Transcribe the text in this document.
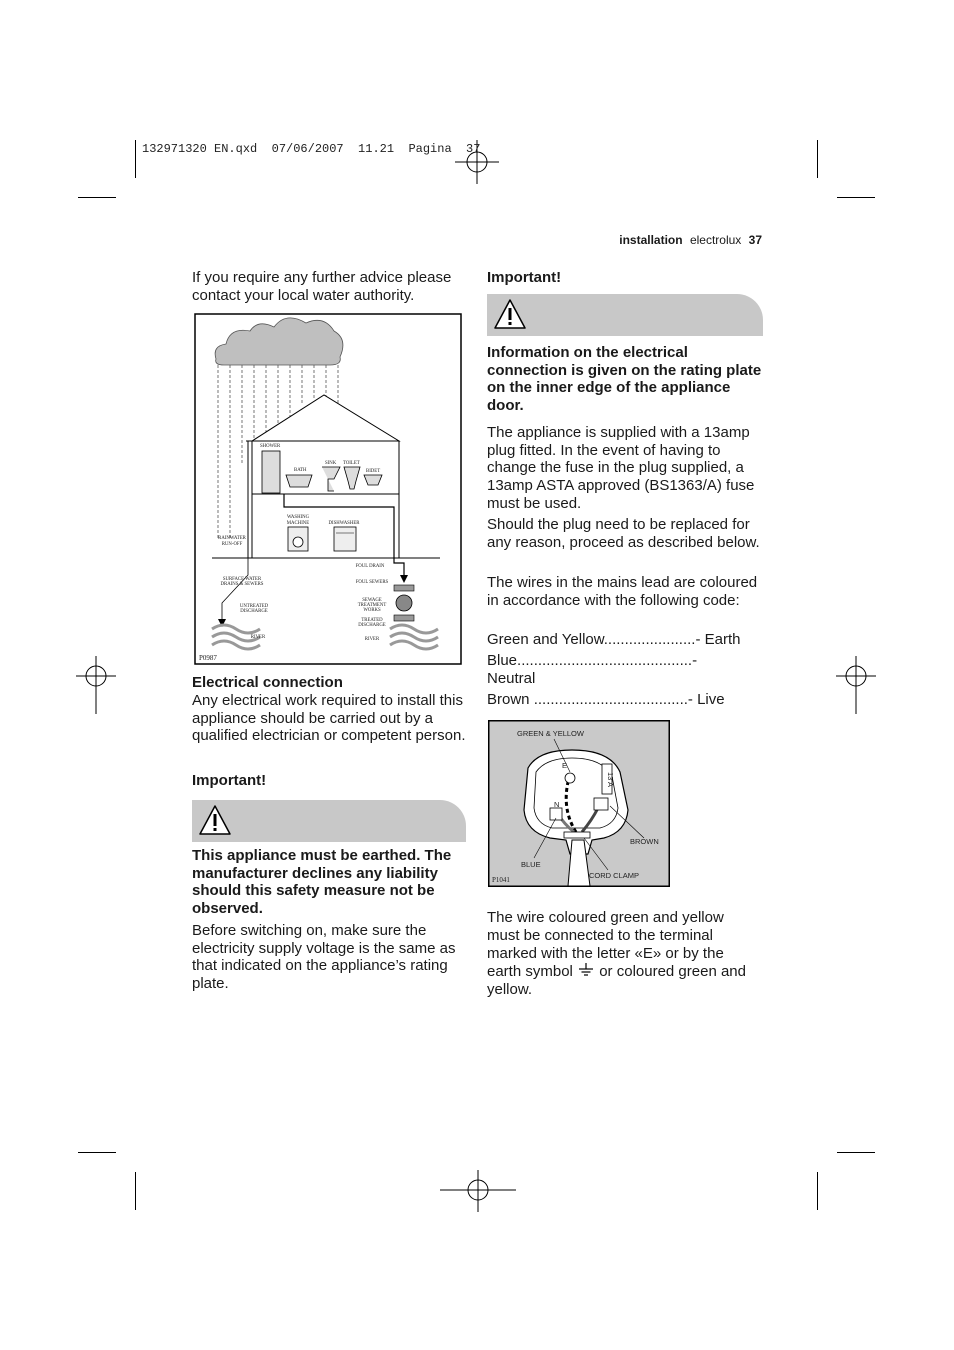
132971320 EN.qxd  07/06/2007  11.21  Pagina  37
installation electrolux 37

If you require any further advice please contact your local water authority.

SHOWER
BATH
SINK TOILET
BIDET
WASHING
MACHINE	DISHWASHER
RAINWATER
RUN-OFF
FOUL DRAIN
SURFACE WATER
DRAINS & SEWERS	FOUL SEWERS
SEWAGE
TREATMENT
WORKS
UNTREATED
DISCHARGE
TREATED
DISCHARGE
RIVER	RIVER
P0987

Electrical connection

Any electrical work required to install this appliance should be carried out by a qualified electrician or competent person.

Important!

This appliance must be earthed. The manufacturer declines any liability should this safety measure not be observed.

Before switching on, make sure the electricity supply voltage is the same as that indicated on the appliance’s rating plate.

Important!

Information on the electrical connection is given on the rating plate on the inner edge of the appliance door.

The appliance is supplied with a 13amp plug fitted. In the event of having to change the fuse in the plug supplied, a 13amp ASTA approved (BS1363/A) fuse must be used.

Should the plug need to be replaced for any reason, proceed as described below.

The wires in the mains lead are coloured in accordance with the following code:

Green and Yellow......................- Earth
Blue..........................................- Neutral
Brown .....................................- Live
13 A
GREEN & YELLOW
BROWN
BLUE
CORD CLAMP
N
E
P1041

The wire coloured green and yellow must be connected to the terminal marked with the letter «E» or by the earth symbol or coloured green and yellow.
